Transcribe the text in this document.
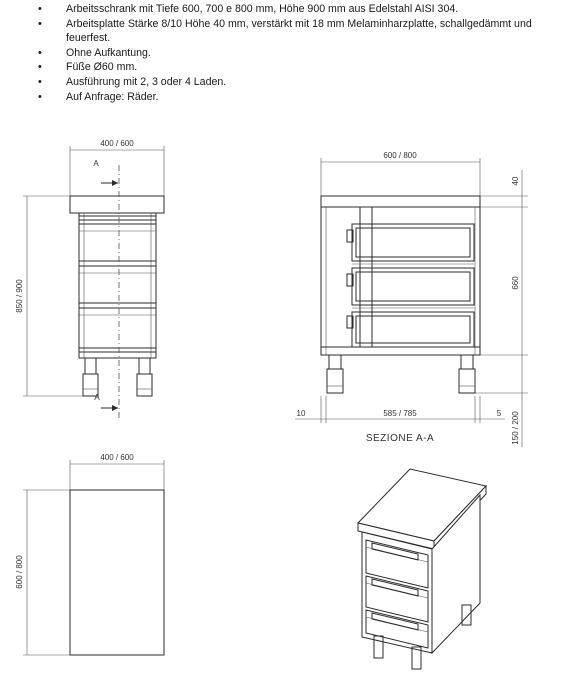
• Arbeitsschrank mit Tiefe 600, 700 e 800 mm, Höhe 900 mm aus Edelstahl AISI 304.
• Arbeitsplatte Stärke 8/10 Höhe 40 mm, verstärkt mit 18 mm Melaminharzplatte, schallgedämmt und feuerfest.
• Ohne Aufkantung.
• Füße Ø60 mm.
• Ausführung mit 2, 3 oder 4 Laden.
• Auf Anfrage: Räder.
400 / 600
A
A
850 / 900
600 / 800
40
660
150 / 200
10	585 / 785	5
SEZIONE A-A
400 / 600
600 / 800
